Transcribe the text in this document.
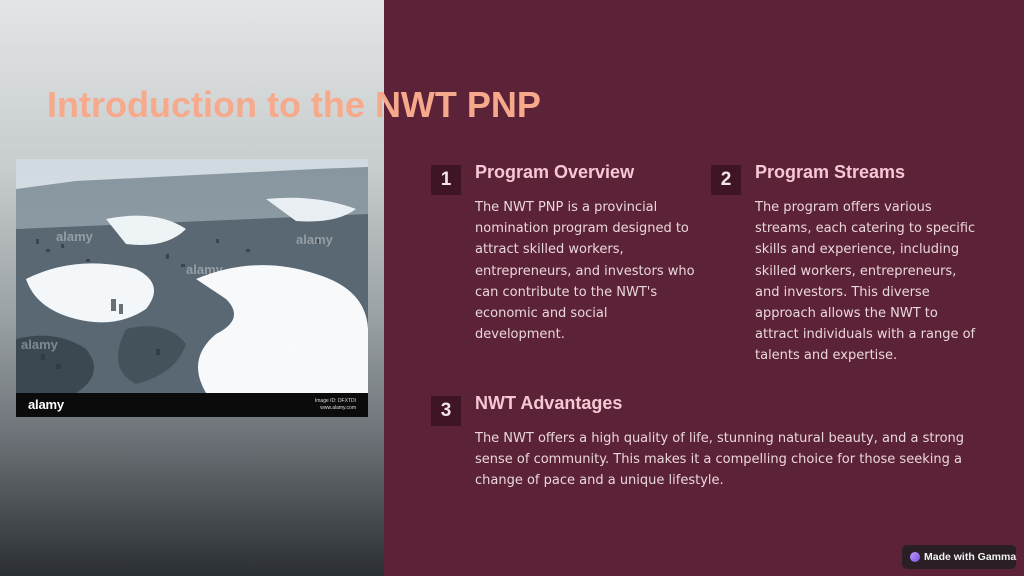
alamy
alamy
alamy
alamy	alamy
alamy	Image ID: DFXTDI
www.alamy.com
Introduction to the NWT PNP
1	Program Overview

The NWT PNP is a provincial nomination program designed to attract skilled workers, entrepreneurs, and investors who can contribute to the NWT's economic and social development.

2	Program Streams

The program offers various streams, each catering to specific skills and experience, including skilled workers, entrepreneurs, and investors. This diverse approach allows the NWT to attract individuals with a range of talents and expertise.

3	NWT Advantages

The NWT offers a high quality of life, stunning natural beauty, and a strong sense of community. This makes it a compelling choice for those seeking a change of pace and a unique lifestyle.

Made with Gamma
